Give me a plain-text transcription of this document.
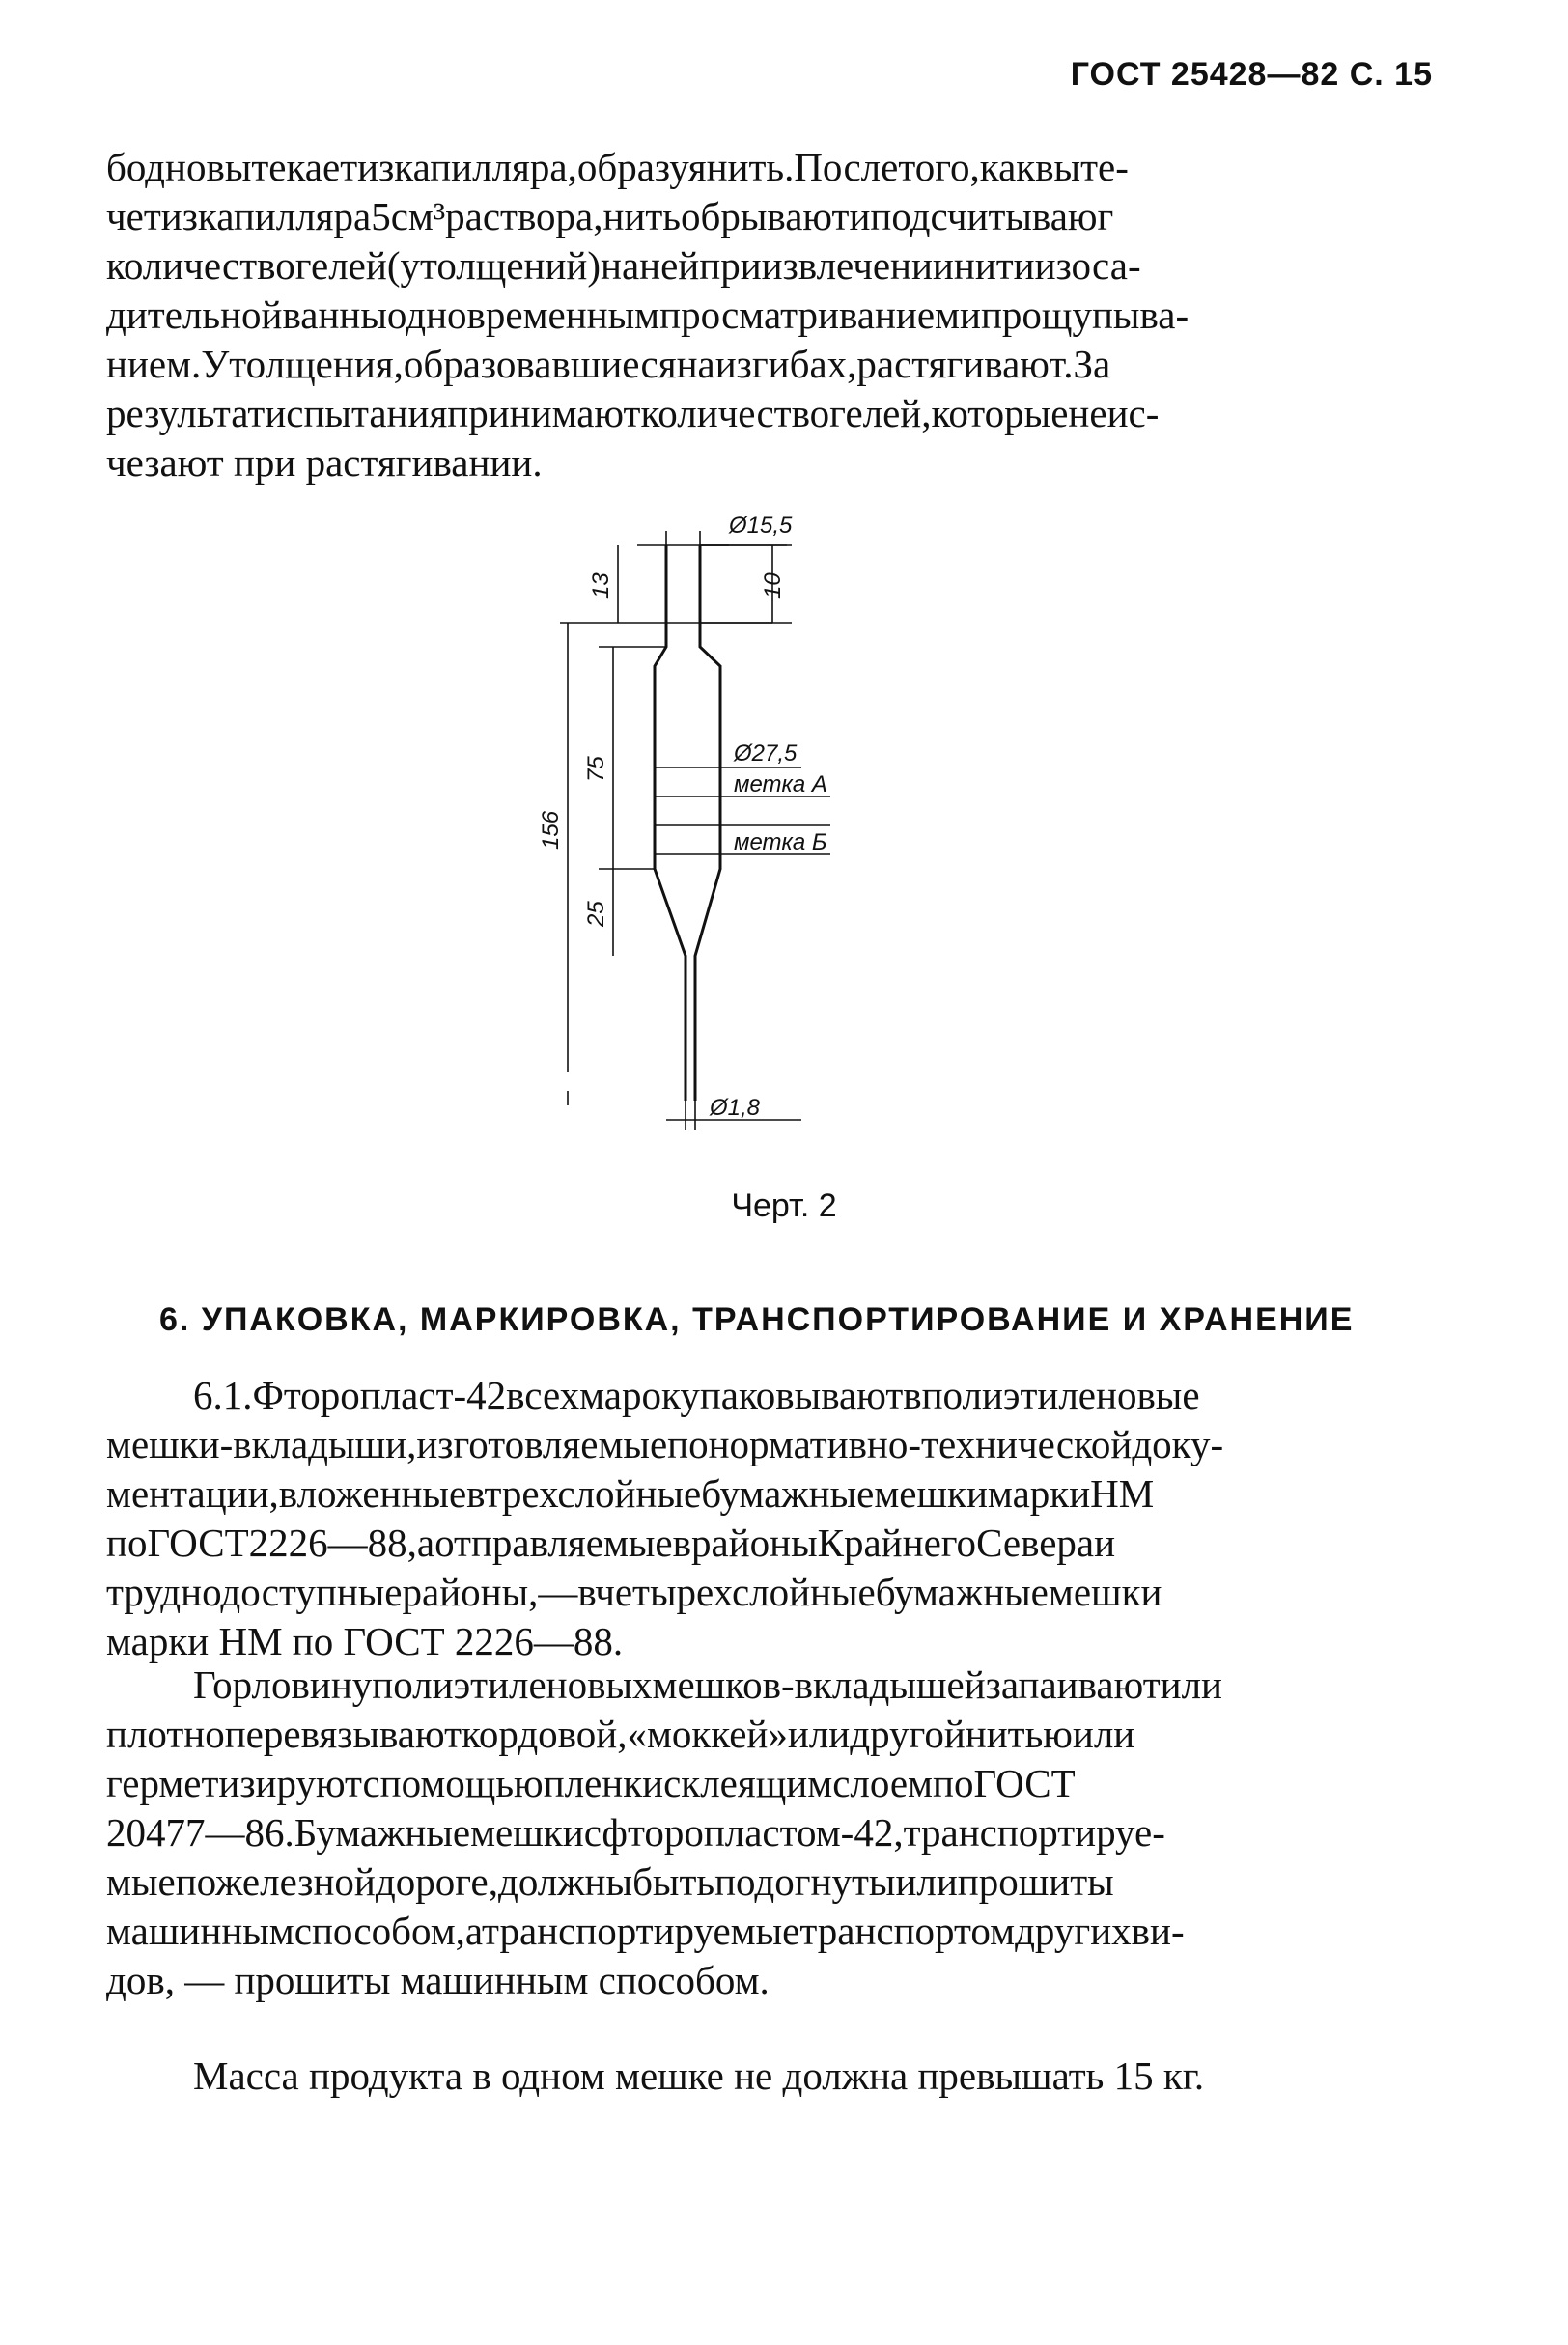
ГОСТ 25428—82 С. 15
бодновытекаетизкапилляра,образуянить.Послетого,каквыте-
четизкапилляра5см³раствора,нитьобрываютиподсчитываюг
количествогелей(утолщений)нанейприизвлечениинитиизоса-
дительнойванныодновременнымпросматриваниемипрощупыва-
нием.Утолщения,образовавшиесянаизгибах,растягивают.За
результатиспытанияпринимаютколичествогелей,которыенеис-
чезают при растягивании.
Ø15,5
10
13
Ø27,5
метка А
метка Б
75
156
25
Ø1,8
Черт. 2
6. УПАКОВКА, МАРКИРОВКА, ТРАНСПОРТИРОВАНИЕ И ХРАНЕНИЕ
6.1.Фторопласт-42всехмарокупаковываютвполиэтиленовые
мешки-вкладыши,изготовляемыепонормативно-техническойдоку-
ментации,вложенныевтрехслойныебумажныемешкимаркиНМ
поГОСТ2226—88,аотправляемыеврайоныКрайнегоСевераи
труднодоступныерайоны,—вчетырехслойныебумажныемешки
марки НМ по ГОСТ 2226—88.
Горловинуполиэтиленовыхмешков-вкладышейзапаиваютили
плотноперевязываюткордовой,«моккей»илидругойнитьюили
герметизируютспомощьюпленкисклеящимслоемпоГОСТ
20477—86.Бумажныемешкисфторопластом-42,транспортируе-
мыепожелезнойдороге,должныбытьподогнутыилипрошиты
машиннымспособом,атранспортируемыетранспортомдругихви-
дов, — прошиты машинным способом.
Масса продукта в одном мешке не должна превышать 15 кг.
